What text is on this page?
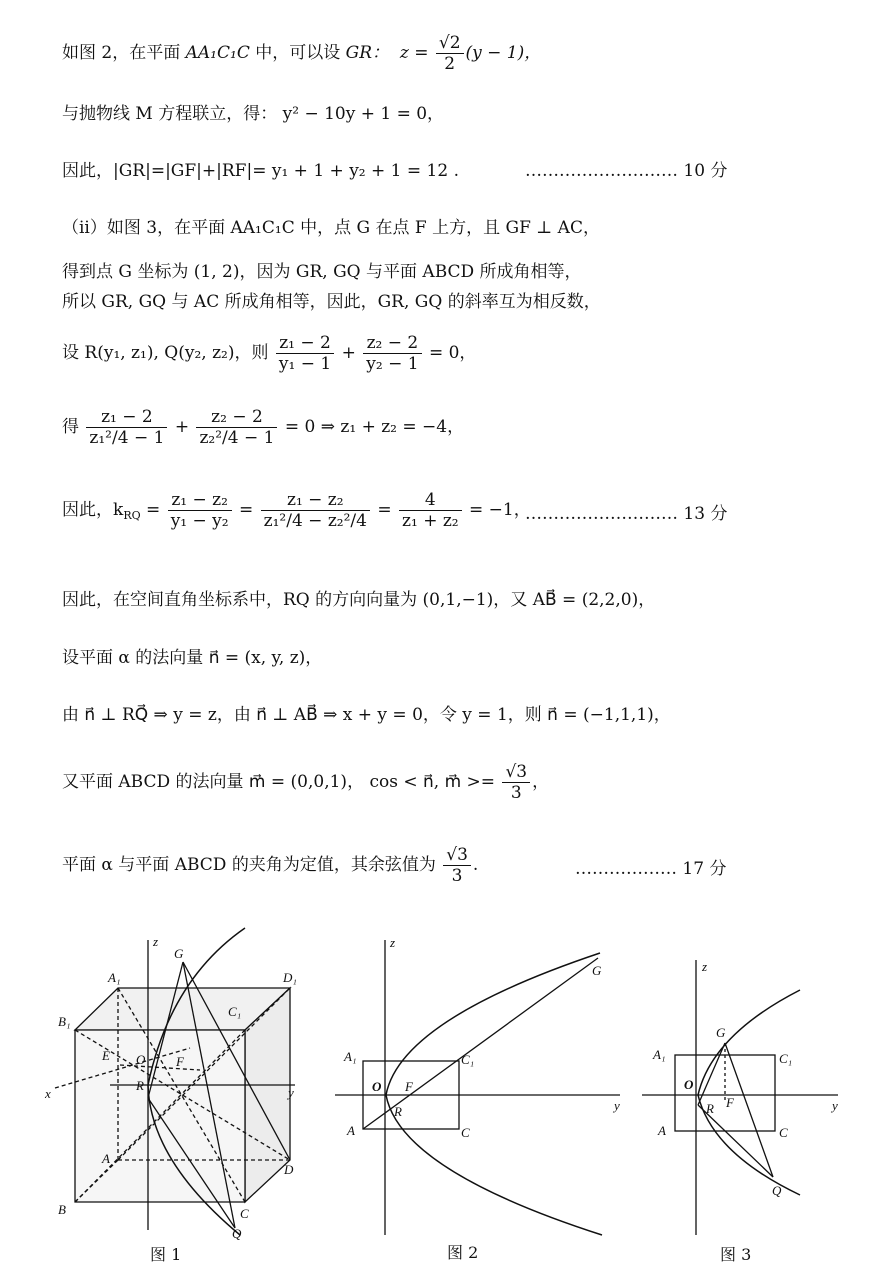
如图 2，在平面 AA₁C₁C 中，可以设 GR： $z = \frac{√2}{2} (y - 1)$，
与抛物线 M 方程联立，得： y² − 10y + 1 = 0，
因此，|GR|=|GF|+|RF|= y₁ + 1 + y₂ + 1 = 12 .	……………………… 10 分
（ii）如图 3，在平面 AA₁C₁C 中，点 G 在点 F 上方，且 GF ⊥ AC，
得到点 G 坐标为 (1, 2)，因为 GR, GQ 与平面 ABCD 所成角相等，
所以 GR, GQ 与 AC 所成角相等，因此，GR, GQ 的斜率互为相反数，
设 R(y₁, z₁), Q(y₂, z₂)，则 $\frac{\text{z₁ − 2}}{\text{y₁ − 1}} + \frac{\text{z₂ − 2}}{\text{y₂ − 1}} = 0$，
得 $\frac{\text{z₁ − 2}}{\text{z₁²/4 − 1}} + \frac{\text{z₂ − 2}}{\text{z₂²/4 − 1}} = 0$ ⇒ z₁ + z₂ = −4，
因此，$k_{RQ} = \frac{\text{z₁ − z₂}}{\text{y₁ − y₂}} = \frac{\text{z₁ − z₂}}{\text{z₁²/4 − z₂²/4}} = \frac{4}{\text{z₁ + z₂}} = -1$，
……………………… 13 分
因此，在空间直角坐标系中，RQ 的方向向量为 (0,1,−1)，又 AB⃗ = (2,2,0)，
设平面 α 的法向量 n⃗ = (x, y, z)，
由 n⃗ ⊥ RQ⃗ ⇒ y = z，由 n⃗ ⊥ AB⃗ ⇒ x + y = 0，令 y = 1，则 n⃗ = (−1,1,1)，
又平面 ABCD 的法向量 m⃗ = (0,0,1)， cos < n⃗, m⃗ >= $\frac{√3}{3}$ ，
平面 α 与平面 ABCD 的夹角为定值，其余弦值为 $\frac{√3}{3}$ .	……………… 17 分
z
x	y
A₁
B₁
C₁
D₁
A
B	C
D
E O F
R
G
Q
图 1
z
y
O F
R
G
A₁	C₁
A	C
图 2
z
y
O
F
R
G
Q
A₁	C₁
A	C
图 3
